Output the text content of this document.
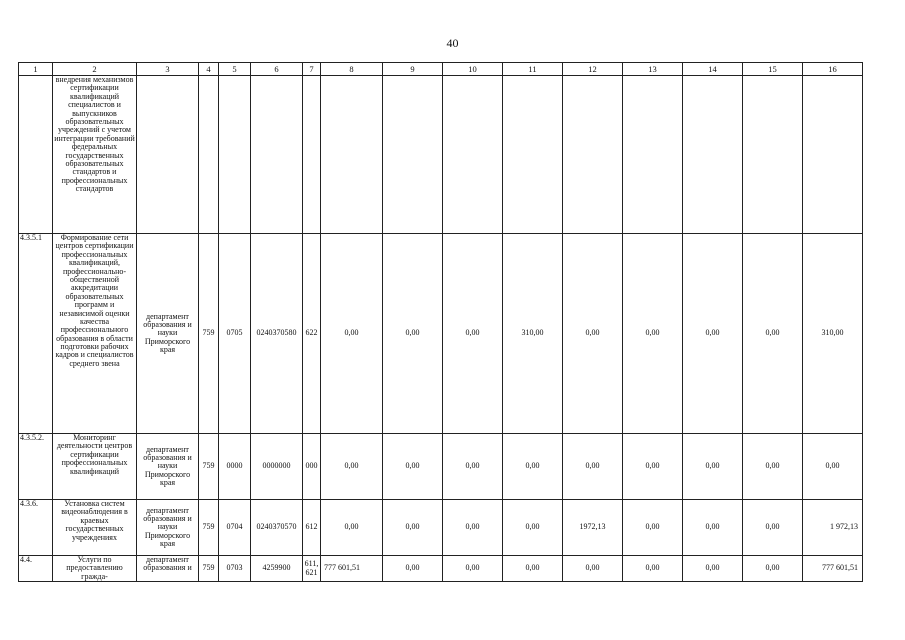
40
1	2	3	4	5	6	7	8	9	10	11	12	13	14	15	16
	внедрения механизмов сертификации квалификаций специалистов и выпускников образовательных учреждений с учетом интеграции требований федеральных государственных образовательных стандартов и профессиональных стандартов														
4.3.5.1	Формирование сети центров сертификации профессиональных квалификаций, профессионально-общественной аккредитации образовательных программ и независимой оценки качества профессионального образования в области подготовки рабочих кадров и специалистов среднего звена	департамент образования и науки Приморского края	759	0705	0240370580	622	0,00	0,00	0,00	310,00	0,00	0,00	0,00	0,00	310,00
4.3.5.2.	Мониторинг деятельности центров сертификации профессиональных квалификаций	департамент образования и науки Приморского края	759	0000	0000000	000	0,00	0,00	0,00	0,00	0,00	0,00	0,00	0,00	0,00
4.3.6.	Установка систем видеонаблюдения в краевых государственных учреждениях	департамент образования и науки Приморского края	759	0704	0240370570	612	0,00	0,00	0,00	0,00	1972,13	0,00	0,00	0,00	1 972,13
4.4.	Услуги по предоставлению гражда-	департамент образования и	759	0703	4259900	611, 621	777 601,51	0,00	0,00	0,00	0,00	0,00	0,00	0,00	777 601,51
